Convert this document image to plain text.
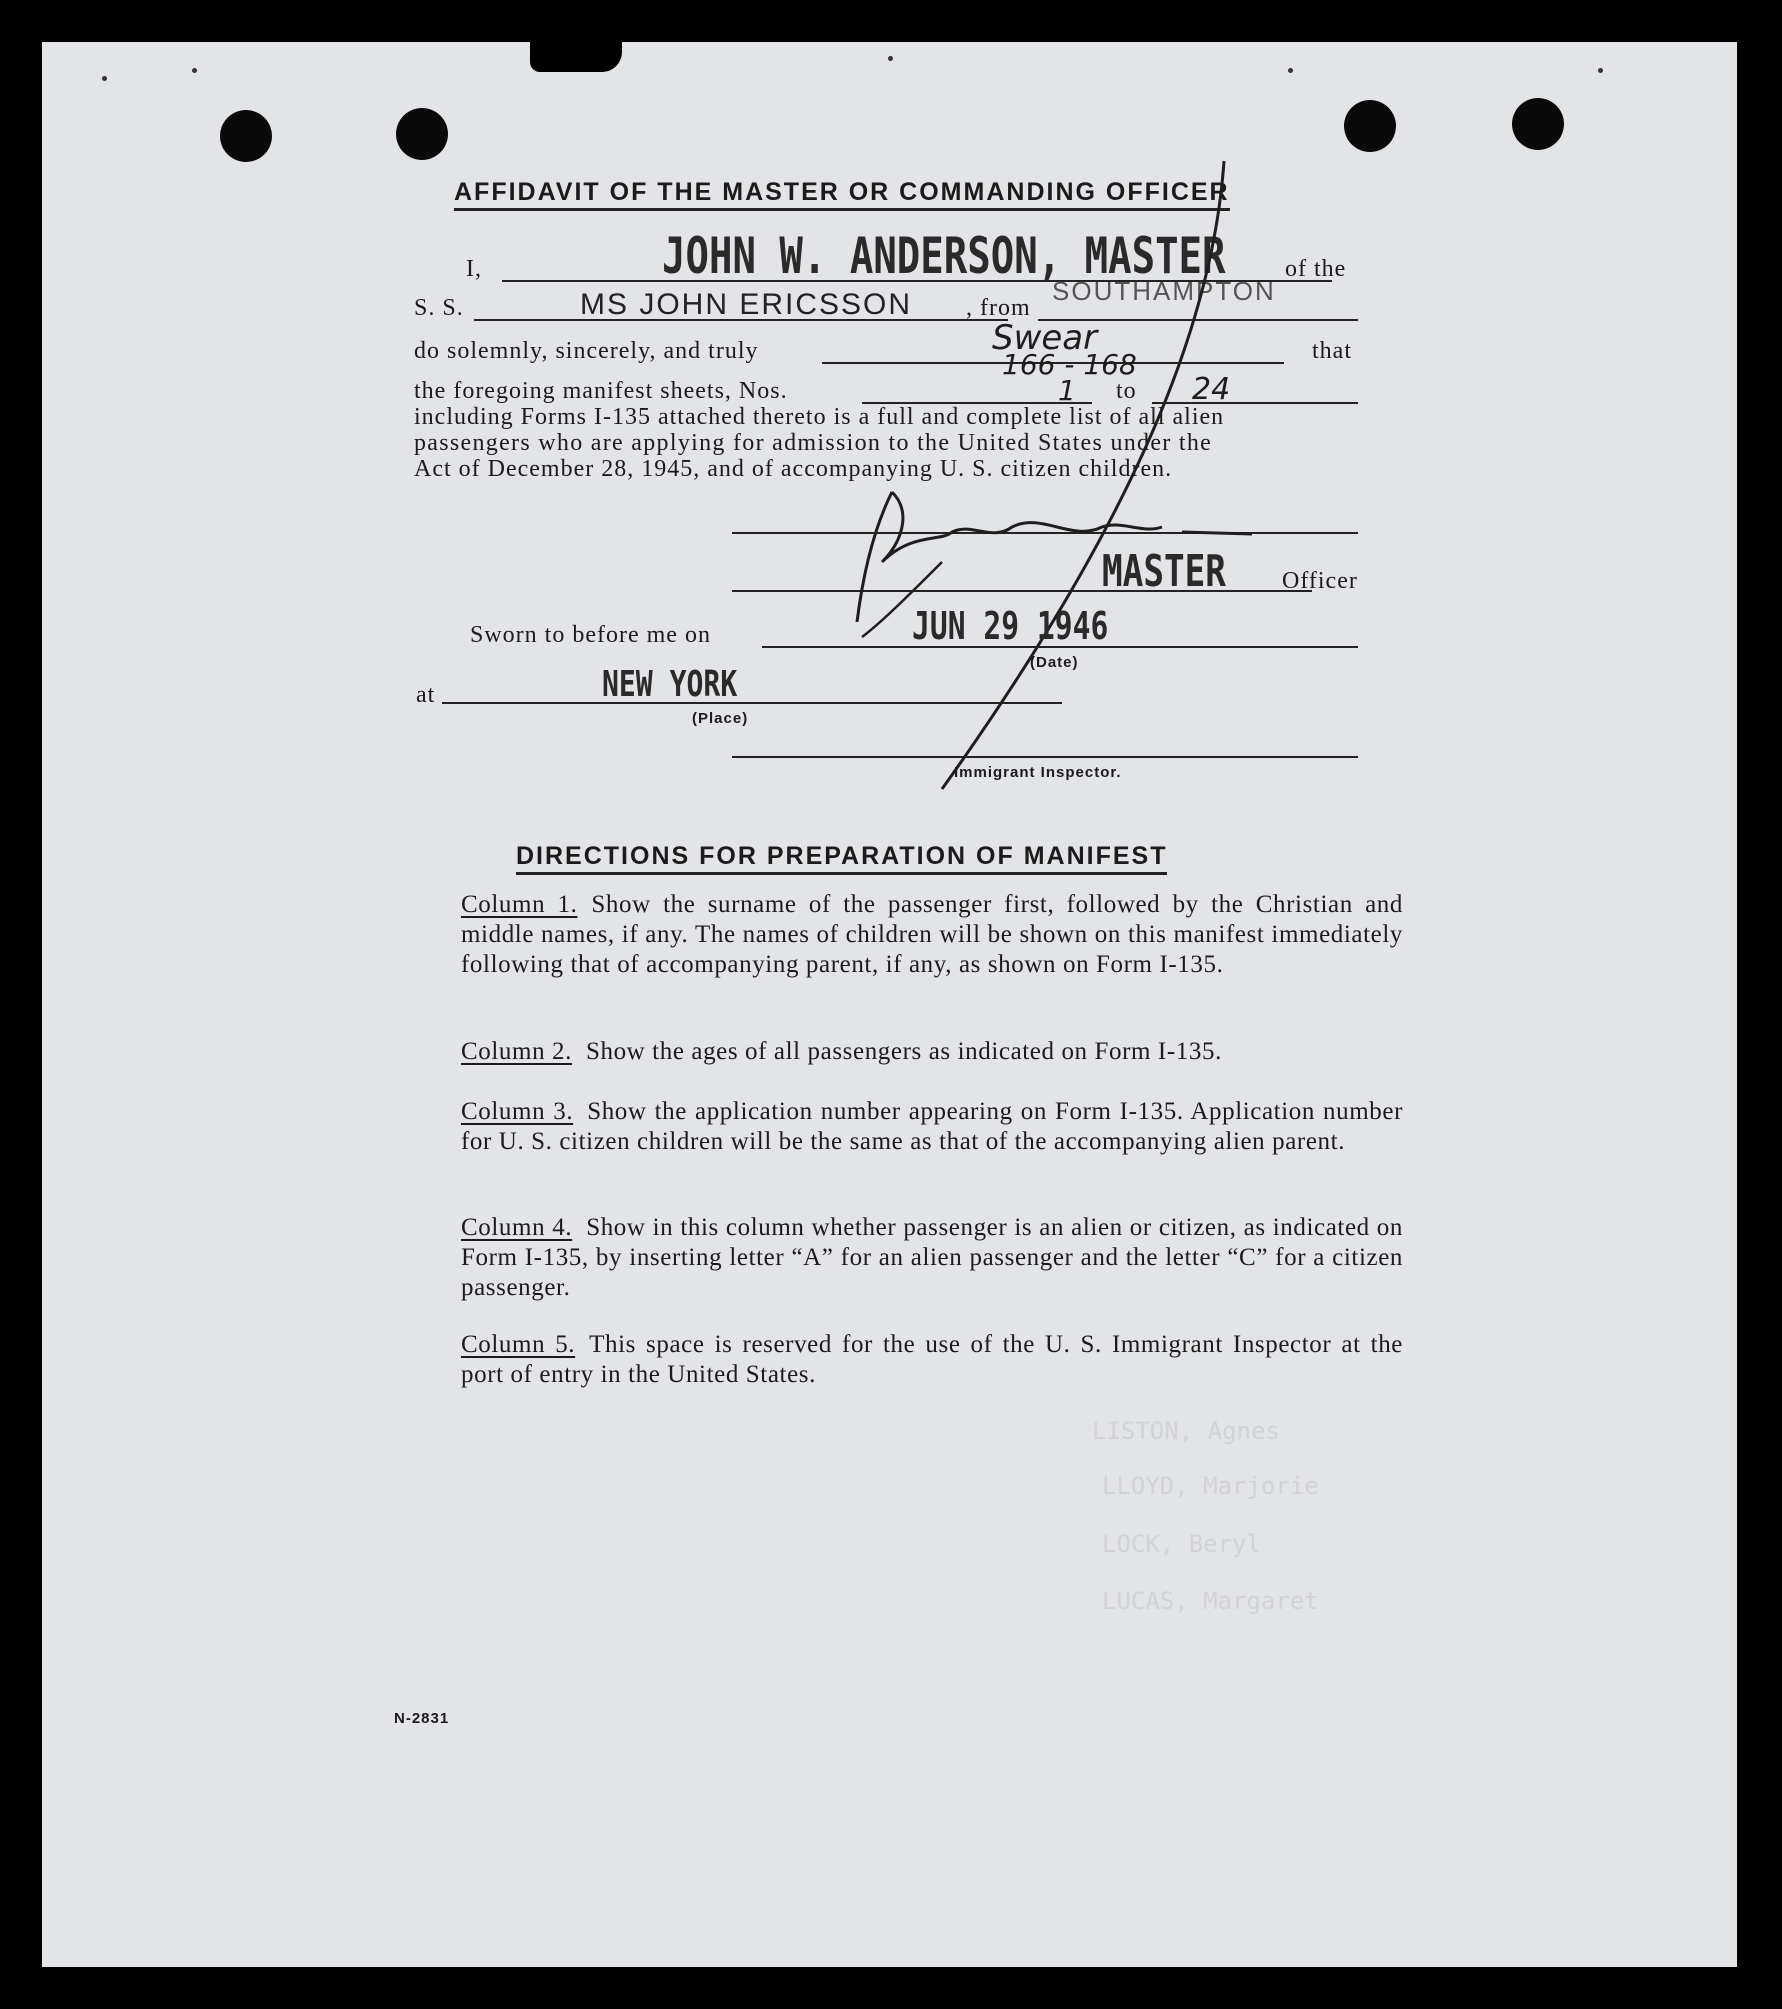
LISTON, Agnes
LLOYD, Marjorie
LOCK, Beryl
LUCAS, Margaret
AFFIDAVIT OF THE MASTER OR COMMANDING OFFICER
I,	JOHN W. ANDERSON, MASTER of the
S. S.	MS JOHN ERICSSON , from
SOUTHAMPTON
do solemnly, sincerely, and truly	Swear	that
the foregoing manifest sheets, Nos.
166 - 168
1 to 24
including Forms I-135 attached thereto is a full and complete list of all alien
passengers who are applying for admission to the United States under the
Act of December 28, 1945, and of accompanying U. S. citizen children.
MASTER Officer
Sworn to before me on	JUN 29 1946
(Date)
at	NEW YORK
(Place)
Immigrant Inspector.
DIRECTIONS FOR PREPARATION OF MANIFEST
Column 1. Show the surname of the passenger first, followed by the Christian and middle names, if any. The names of children will be shown on this manifest immediately following that of accompanying parent, if any, as shown on Form I-135.
Column 2. Show the ages of all passengers as indicated on Form I-135.
Column 3. Show the application number appearing on Form I-135. Application number for U. S. citizen children will be the same as that of the accompanying alien parent.
Column 4. Show in this column whether passenger is an alien or citizen, as indicated on Form I-135, by inserting letter “A” for an alien passenger and the letter “C” for a citizen passenger.
Column 5. This space is reserved for the use of the U. S. Immigrant Inspector at the port of entry in the United States.
N-2831
